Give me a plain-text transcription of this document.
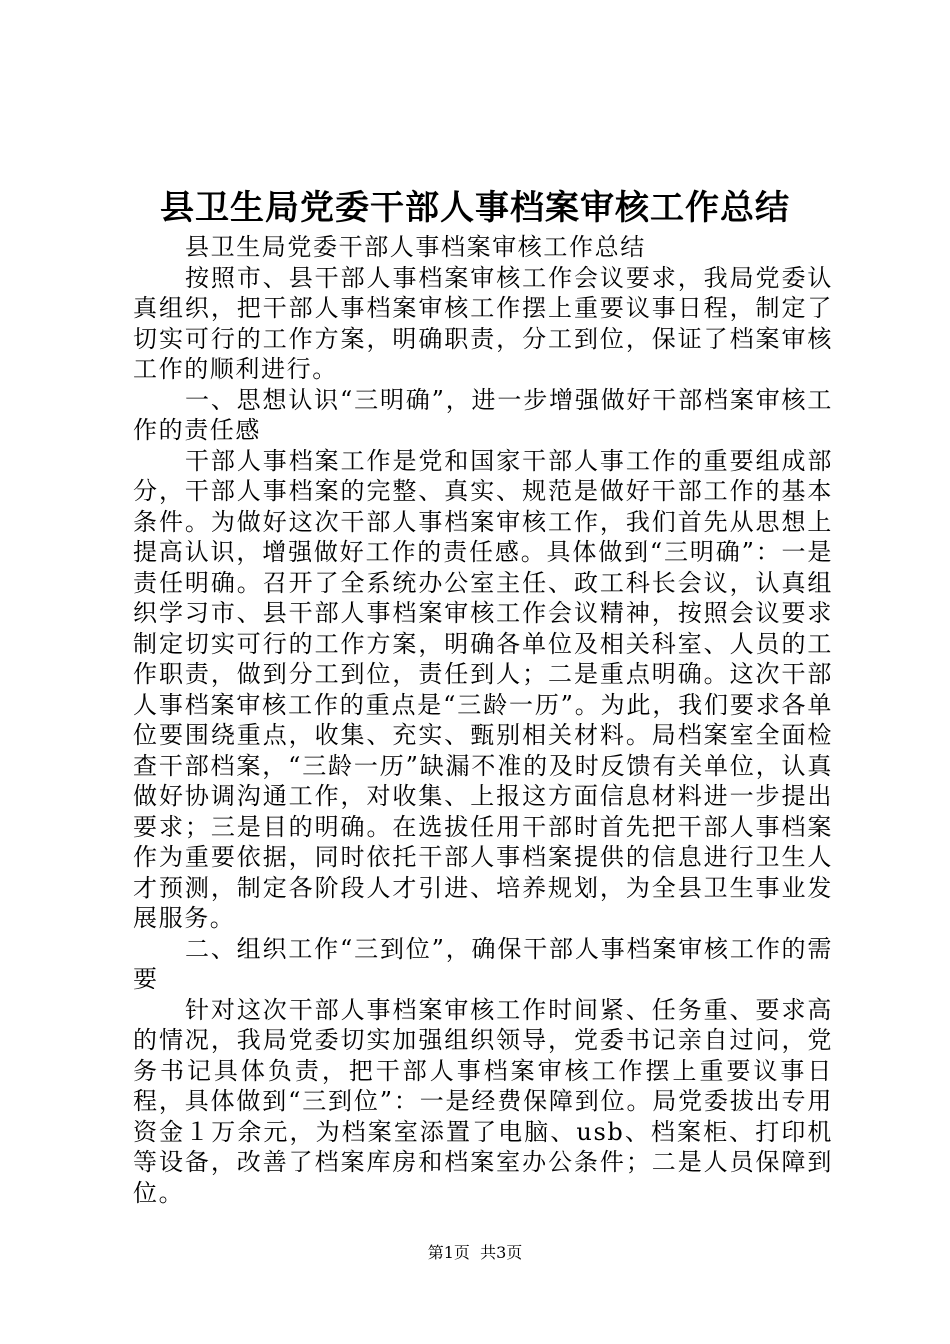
县卫生局党委干部人事档案审核工作总结

县卫生局党委干部人事档案审核工作总结

按照市、县干部人事档案审核工作会议要求，我局党委认真组织，把干部人事档案审核工作摆上重要议事日程，制定了切实可行的工作方案，明确职责，分工到位，保证了档案审核工作的顺利进行。

一、思想认识“三明确”，进一步增强做好干部档案审核工作的责任感

干部人事档案工作是党和国家干部人事工作的重要组成部分，干部人事档案的完整、真实、规范是做好干部工作的基本条件。为做好这次干部人事档案审核工作，我们首先从思想上提高认识，增强做好工作的责任感。具体做到“三明确”：一是责任明确。召开了全系统办公室主任、政工科长会议，认真组织学习市、县干部人事档案审核工作会议精神，按照会议要求制定切实可行的工作方案，明确各单位及相关科室、人员的工作职责，做到分工到位，责任到人；二是重点明确。这次干部人事档案审核工作的重点是“三龄一历”。为此，我们要求各单位要围绕重点，收集、充实、甄别相关材料。局档案室全面检查干部档案，“三龄一历”缺漏不准的及时反馈有关单位，认真做好协调沟通工作，对收集、上报这方面信息材料进一步提出要求；三是目的明确。在选拔任用干部时首先把干部人事档案作为重要依据，同时依托干部人事档案提供的信息进行卫生人才预测，制定各阶段人才引进、培养规划，为全县卫生事业发展服务。

二、组织工作“三到位”，确保干部人事档案审核工作的需要

针对这次干部人事档案审核工作时间紧、任务重、要求高的情况，我局党委切实加强组织领导，党委书记亲自过问，党务书记具体负责，把干部人事档案审核工作摆上重要议事日程，具体做到“三到位”：一是经费保障到位。局党委拔出专用资金１万余元，为档案室添置了电脑、usb、档案柜、打印机等设备，改善了档案库房和档案室办公条件；二是人员保障到位。

第1页  共3页
